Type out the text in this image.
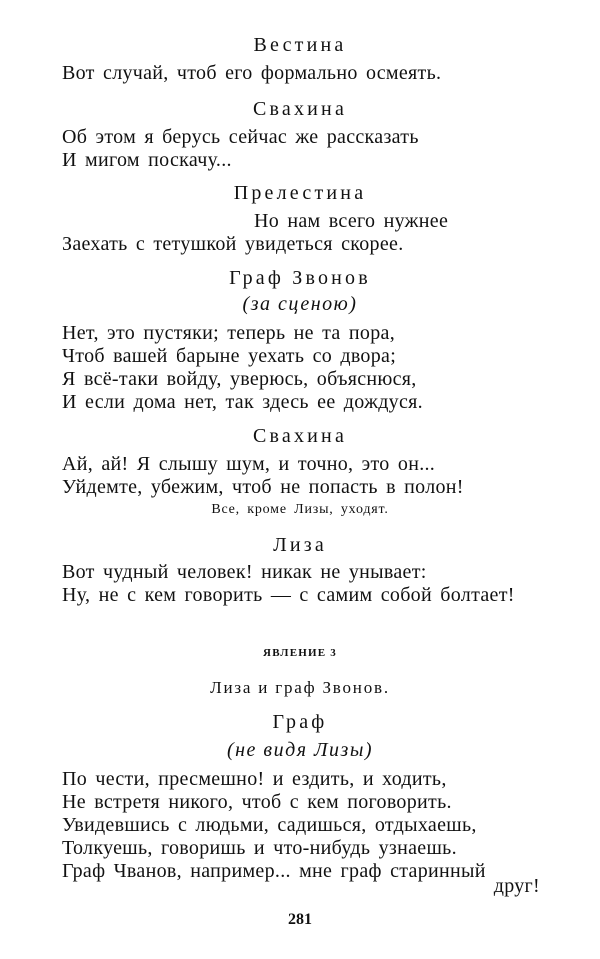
Вестина
Вот случай, чтоб его формально осмеять.
Свахина
Об этом я берусь сейчас же рассказать
И мигом поскачу...
Прелестина
Но нам всего нужнее
Заехать с тетушкой увидеться скорее.
Граф Звонов
(за сценою)
Нет, это пустяки; теперь не та пора,
Чтоб вашей барыне уехать со двора;
Я всё-таки войду, уверюсь, объяснюся,
И если дома нет, так здесь ее дождуся.
Свахина
Ай, ай! Я слышу шум, и точно, это он...
Уйдемте, убежим, чтоб не попасть в полон!
Все, кроме Лизы, уходят.
Лиза
Вот чудный человек! никак не унывает:
Ну, не с кем говорить — с самим собой болтает!
ЯВЛЕНИЕ 3
Лиза и граф Звонов.
Граф
(не видя Лизы)
По чести, пресмешно! и ездить, и ходить,
Не встретя никого, чтоб с кем поговорить.
Увидевшись с людьми, садишься, отдыхаешь,
Толкуешь, говоришь и что-нибудь узнаешь.
Граф Чванов, например... мне граф старинный
друг!
281
